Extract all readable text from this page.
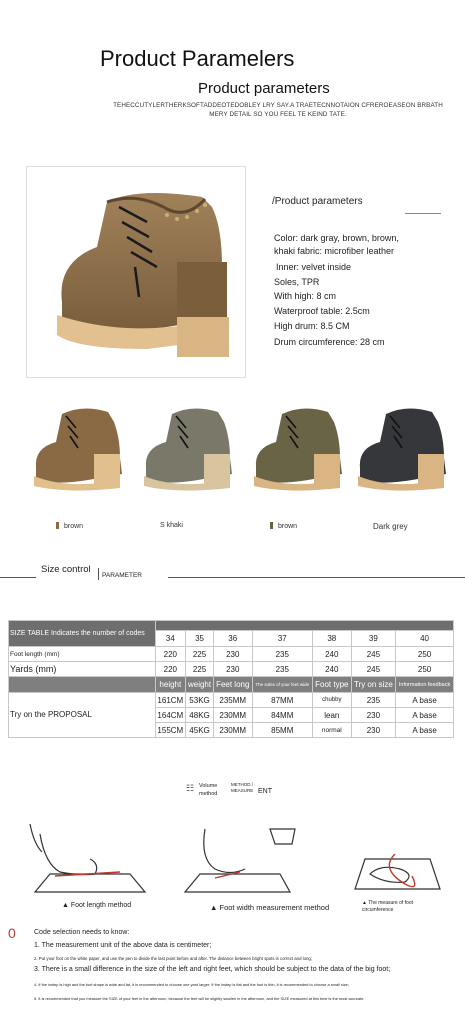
Product Paramelers
Product parameters
TEHECCUTYLERTHERKSOFTADDEOTEDOBLEY LRY SAY.A TRAETECNNOTAION CFREROEASEON BRBATH MERY DETAIL SO YOU FEEL TE KEIND TATE.
/Product parameters
Color: dark gray, brown, brown,
khaki fabric: microfiber leather
Inner: velvet inside
Soles, TPR
With high: 8 cm
Waterproof table: 2.5cm
High drum: 8.5 CM
Drum circumference: 28 cm
brown	S khaki	brown	Dark grey
Size control
PARAMETER
SIZE TABLE Indicates the number of codes							
	34	35	36	37	38	39	40
Foot length (mm)	220	225	230	235	240	245	250
Yards (mm)	220	225	230	235	240	245	250
	height	weight	Feet long	The soles of your feet wide	Foot type	Try on size	Information feedback
Try on the PROPOSAL	161CM	53KG	235MM	87MM	chubby	235	A base
	164CM	48KG	230MM	84MM	lean	230	A base
	155CM	45KG	230MM	85MM	normal	230	A base
☷ Volume method
METHOD / MEASURE ENT
▲ Foot length method	▲ Foot width measurement method	▲ The measure of foot circumference
0	Code selection needs to know:
1. The measurement unit of the above data is centimeter;
2. Put your foot on the white paper, and use the pen to divide the last point before and after. The distance between bright spots is correct and long;
3. There is a small difference in the size of the left and right feet, which should be subject to the data of the big foot;
4. If the instep is high and the foot shape is wide and fat, it is recommended to choose one yard larger; If the instep is flat and the foot is thin, it is recommended to choose a small size;
5. It is recommended that you measure the SIZE of your feet in the afternoon, because the feet will be slightly swollen in the afternoon, and the SIZE measured at this time is the most accurate.
